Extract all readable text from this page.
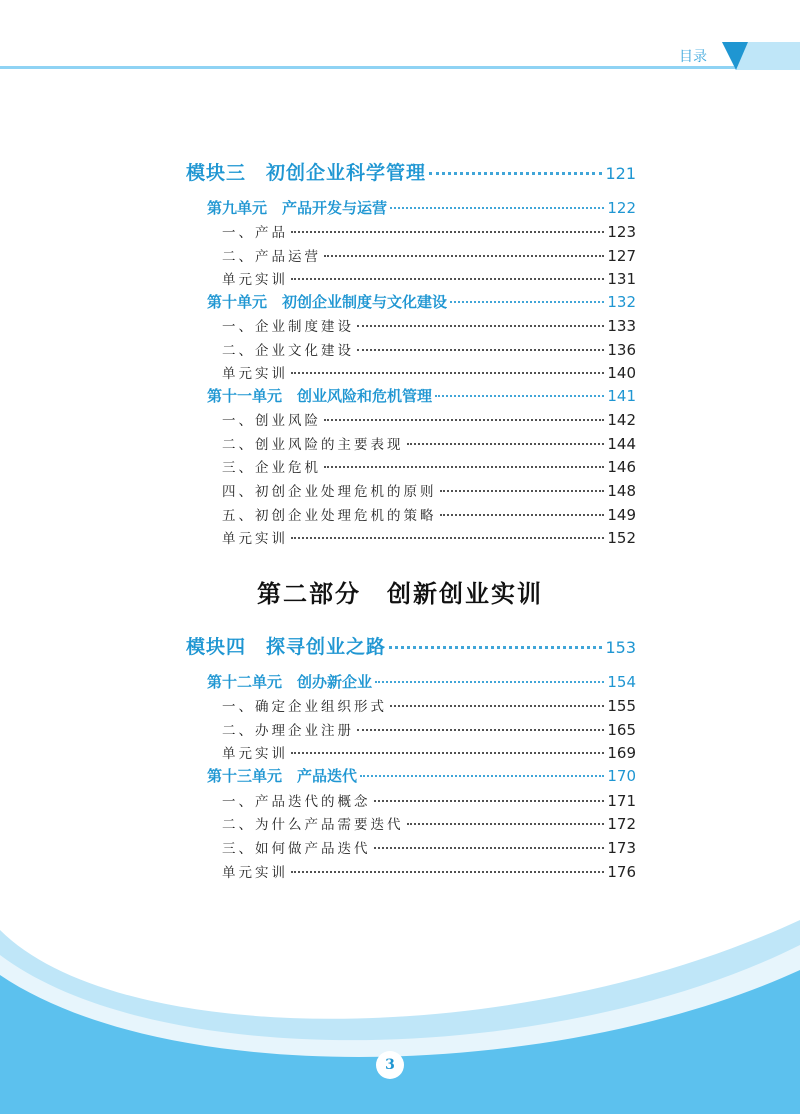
目录
模块三　初创企业科学管理	121
第九单元　产品开发与运营	122
一、产品	123
二、产品运营	127
单元实训	131
第十单元　初创企业制度与文化建设	132
一、企业制度建设	133
二、企业文化建设	136
单元实训	140
第十一单元　创业风险和危机管理	141
一、创业风险	142
二、创业风险的主要表现	144
三、企业危机	146
四、初创企业处理危机的原则	148
五、初创企业处理危机的策略	149
单元实训	152
第二部分　创新创业实训
模块四　探寻创业之路	153
第十二单元　创办新企业	154
一、确定企业组织形式	155
二、办理企业注册	165
单元实训	169
第十三单元　产品迭代	170
一、产品迭代的概念	171
二、为什么产品需要迭代	172
三、如何做产品迭代	173
单元实训	176
3
